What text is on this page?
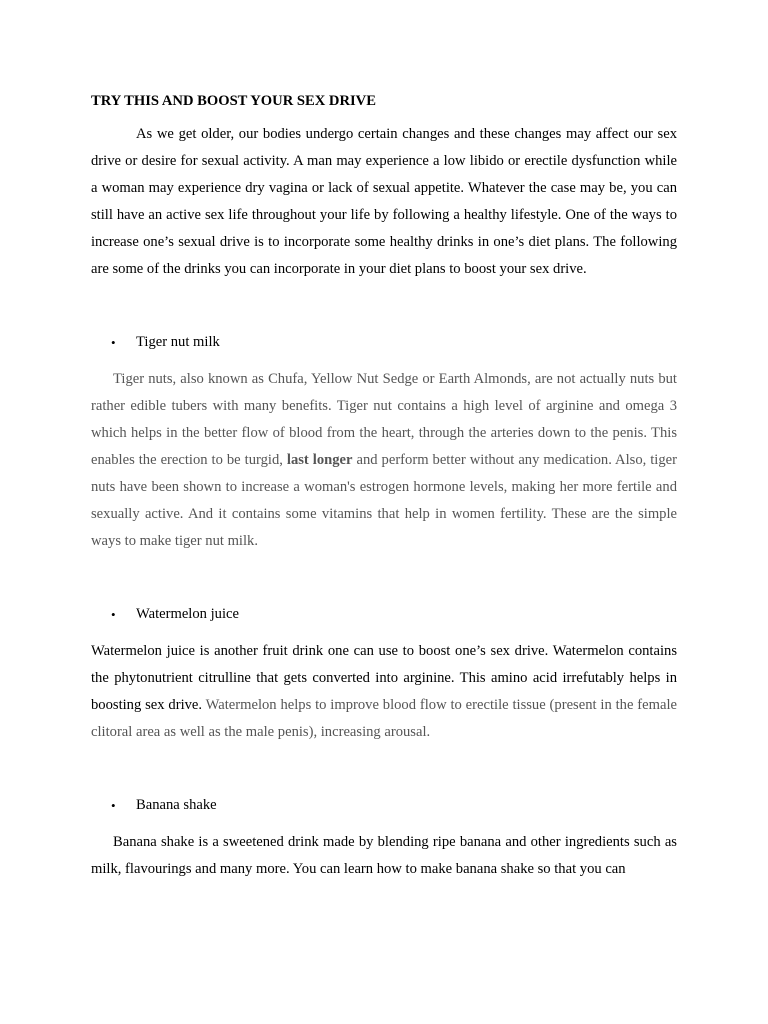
TRY THIS AND BOOST YOUR SEX DRIVE

As we get older, our bodies undergo certain changes and these changes may affect our sex drive or desire for sexual activity. A man may experience a low libido or erectile dysfunction while a woman may experience dry vagina or lack of sexual appetite. Whatever the case may be, you can still have an active sex life throughout your life by following a healthy lifestyle. One of the ways to increase one’s sexual drive is to incorporate some healthy drinks in one’s diet plans. The following are some of the drinks you can incorporate in your diet plans to boost your sex drive.

• Tiger nut milk

Tiger nuts, also known as Chufa, Yellow Nut Sedge or Earth Almonds, are not actually nuts but rather edible tubers with many benefits. Tiger nut contains a high level of arginine and omega 3 which helps in the better flow of blood from the heart, through the arteries down to the penis. This enables the erection to be turgid, last longer and perform better without any medication. Also, tiger nuts have been shown to increase a woman's estrogen hormone levels, making her more fertile and sexually active. And it contains some vitamins that help in women fertility. These are the simple ways to make tiger nut milk.

• Watermelon juice

Watermelon juice is another fruit drink one can use to boost one’s sex drive. Watermelon contains the phytonutrient citrulline that gets converted into arginine. This amino acid irrefutably helps in boosting sex drive. Watermelon helps to improve blood flow to erectile tissue (present in the female clitoral area as well as the male penis), increasing arousal.

• Banana shake

Banana shake is a sweetened drink made by blending ripe banana and other ingredients such as milk, flavourings and many more. You can learn how to make banana shake so that you can
